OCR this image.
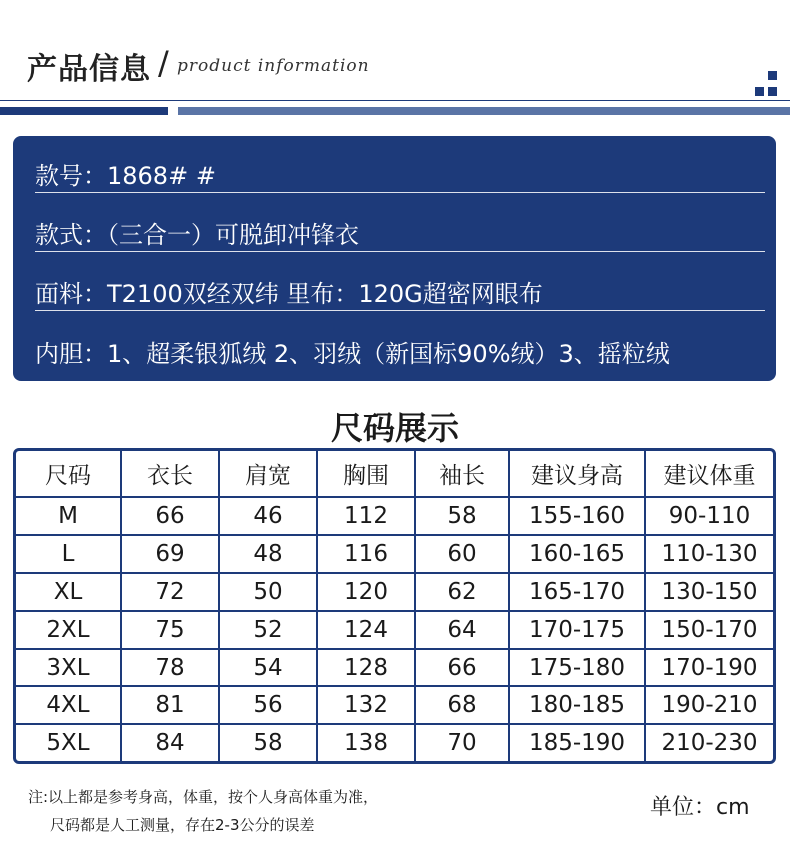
产品信息 / product information
款号：1868# #
款式：（三合一）可脱卸冲锋衣
面料：T2100双经双纬 里布：120G超密网眼布
内胆：1、超柔银狐绒 2、羽绒（新国标90%绒）3、摇粒绒
尺码展示
尺码	衣长	肩宽	胸围	袖长	建议身高	建议体重
M	66	46	112	58	155-160	90-110
L	69	48	116	60	160-165	110-130
XL	72	50	120	62	165-170	130-150
2XL	75	52	124	64	170-175	150-170
3XL	78	54	128	66	175-180	170-190
4XL	81	56	132	68	180-185	190-210
5XL	84	58	138	70	185-190	210-230
注:以上都是参考身高，体重，按个人身高体重为准，
尺码都是人工测量，存在2-3公分的误差
单位：cm
